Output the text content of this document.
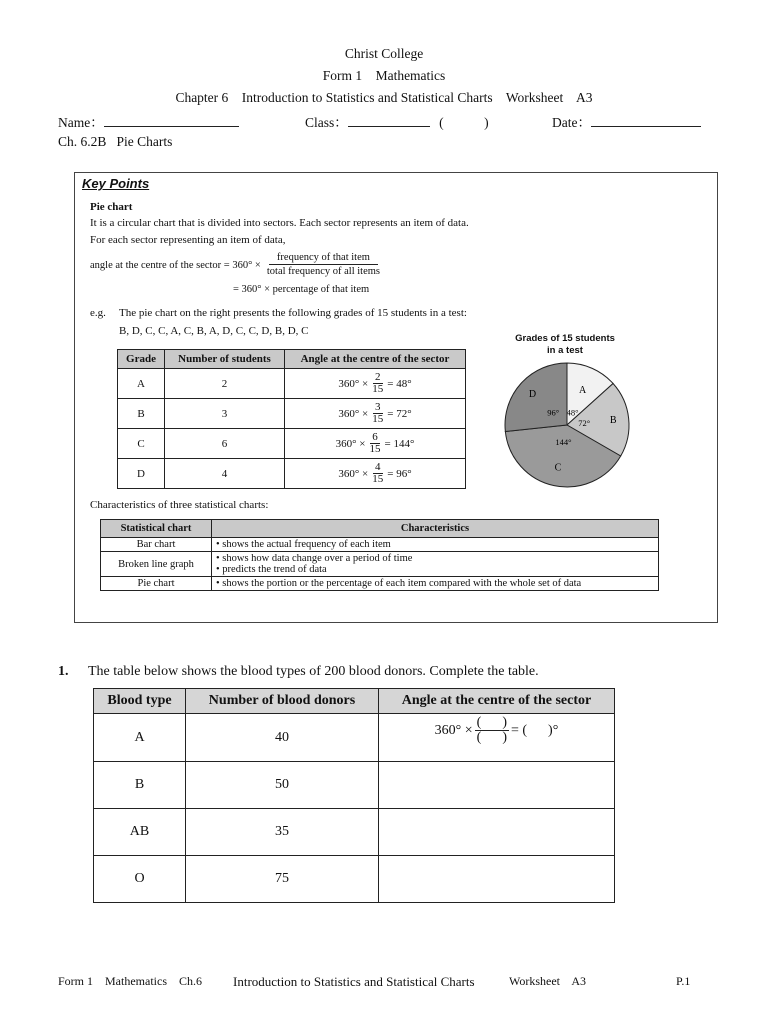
Christ College
Form 1    Mathematics
Chapter 6    Introduction to Statistics and Statistical Charts    Worksheet    A3
Name：	Class：	(            )	Date：
Ch. 6.2B   Pie Charts
Key Points
Pie chart
It is a circular chart that is divided into sectors. Each sector represents an item of data.
For each sector representing an item of data,
angle at the centre of the sector = $360^\circ \times \frac{\text{frequency of that item}}{\text{total frequency of all items}}$
= 360° × percentage of that item
e.g. The pie chart on the right presents the following grades of 15 students in a test:
B, D, C, C, A, C, B, A, D, C, C, D, B, D, C
Grade	Number of students	Angle at the centre of the sector
A	2	$360^\circ \times \frac{2}{15} = 48^\circ$

B	3	$360^\circ \times \frac{3}{15} = 72^\circ$

C	6	$360^\circ \times \frac{6}{15} = 144^\circ$

D	4	$360^\circ \times \frac{4}{15} = 96^\circ$
Grades of 15 students
in a test
A
48°
B
72°
C
144°
D
96°
Characteristics of three statistical charts:
Statistical chart	Characteristics
Bar chart	• shows the actual frequency of each item

Broken line graph	• shows how data change over a period of time
• predicts the trend of data

Pie chart	• shows the portion or the percentage of each item compared with the whole set of data
1. The table below shows the blood types of 200 blood donors. Complete the table.
Blood type	Number of blood donors	Angle at the centre of the sector
A	40	$360^\circ \times \frac{( )}{( )}$ = (      )°

B	50	
AB	35	
O	75	
Form 1    Mathematics    Ch.6 Introduction to Statistics and Statistical Charts	Worksheet    A3	P.1
